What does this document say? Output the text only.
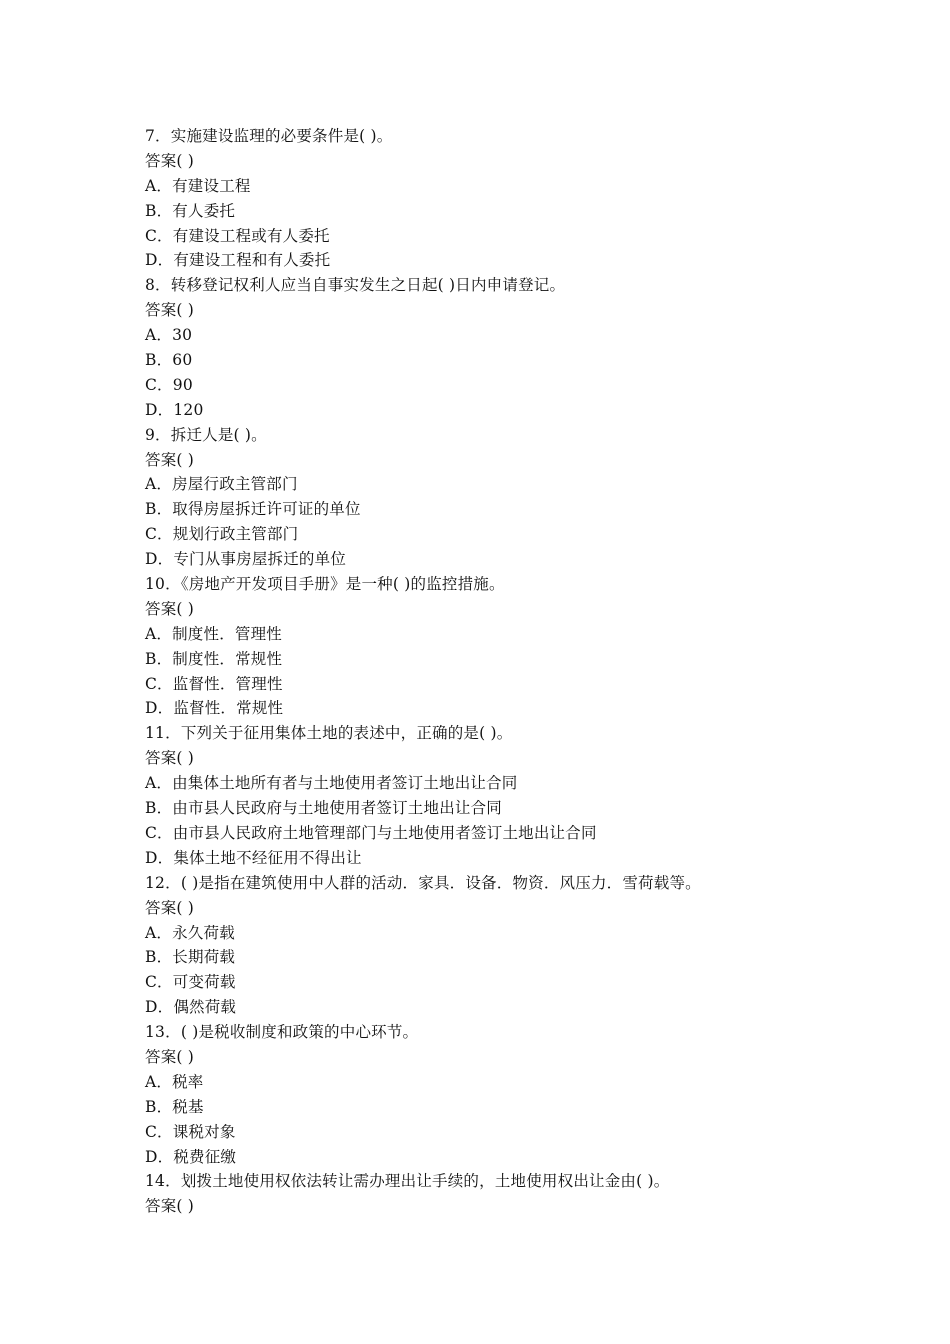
7．实施建设监理的必要条件是( )。
答案( )
A．有建设工程
B．有人委托
C．有建设工程或有人委托
D．有建设工程和有人委托
8．转移登记权利人应当自事实发生之日起( )日内申请登记。
答案( )
A．30
B．60
C．90
D．120
9．拆迁人是( )。
答案( )
A．房屋行政主管部门
B．取得房屋拆迁许可证的单位
C．规划行政主管部门
D．专门从事房屋拆迁的单位
10．《房地产开发项目手册》是一种( )的监控措施。
答案( )
A．制度性．管理性
B．制度性．常规性
C．监督性．管理性
D．监督性．常规性
11．下列关于征用集体土地的表述中，正确的是( )。
答案( )
A．由集体土地所有者与土地使用者签订土地出让合同
B．由市县人民政府与土地使用者签订土地出让合同
C．由市县人民政府土地管理部门与土地使用者签订土地出让合同
D．集体土地不经征用不得出让
12．( )是指在建筑使用中人群的活动．家具．设备．物资．风压力．雪荷载等。
答案( )
A．永久荷载
B．长期荷载
C．可变荷载
D．偶然荷载
13．( )是税收制度和政策的中心环节。
答案( )
A．税率
B．税基
C．课税对象
D．税费征缴
14．划拨土地使用权依法转让需办理出让手续的，土地使用权出让金由( )。
答案( )
